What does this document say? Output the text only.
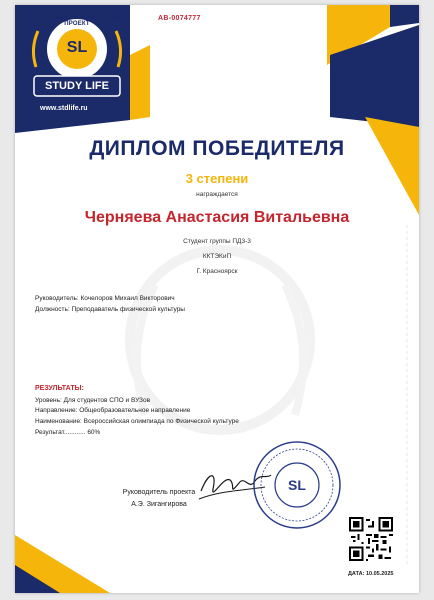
ОБРАЗОВАТЕЛЬНЫЙ ОНЛАЙН-ПРОЕКТ
SL
STUDY LIFE
www.stdlife.ru
AB-0074777
ДИПЛОМ ПОБЕДИТЕЛЯ
3 степени
награждается
Черняева Анастасия Витальевна
Студент группы ПД3-3
ККТЭКиП
Г. Красноярск
Руководитель: Кочелоров Михаил Викторович
Должность: Преподаватель физической культуры
РЕЗУЛЬТАТЫ:
Уровень: Для студентов СПО и ВУЗов
Направление: Общеобразовательное направление
Наименование: Всероссийская олимпиада по Физической культуре
Результат............ 60%
SL
Руководитель проекта
А.Э. Зигангирова
ДАТА: 10.05.2025
